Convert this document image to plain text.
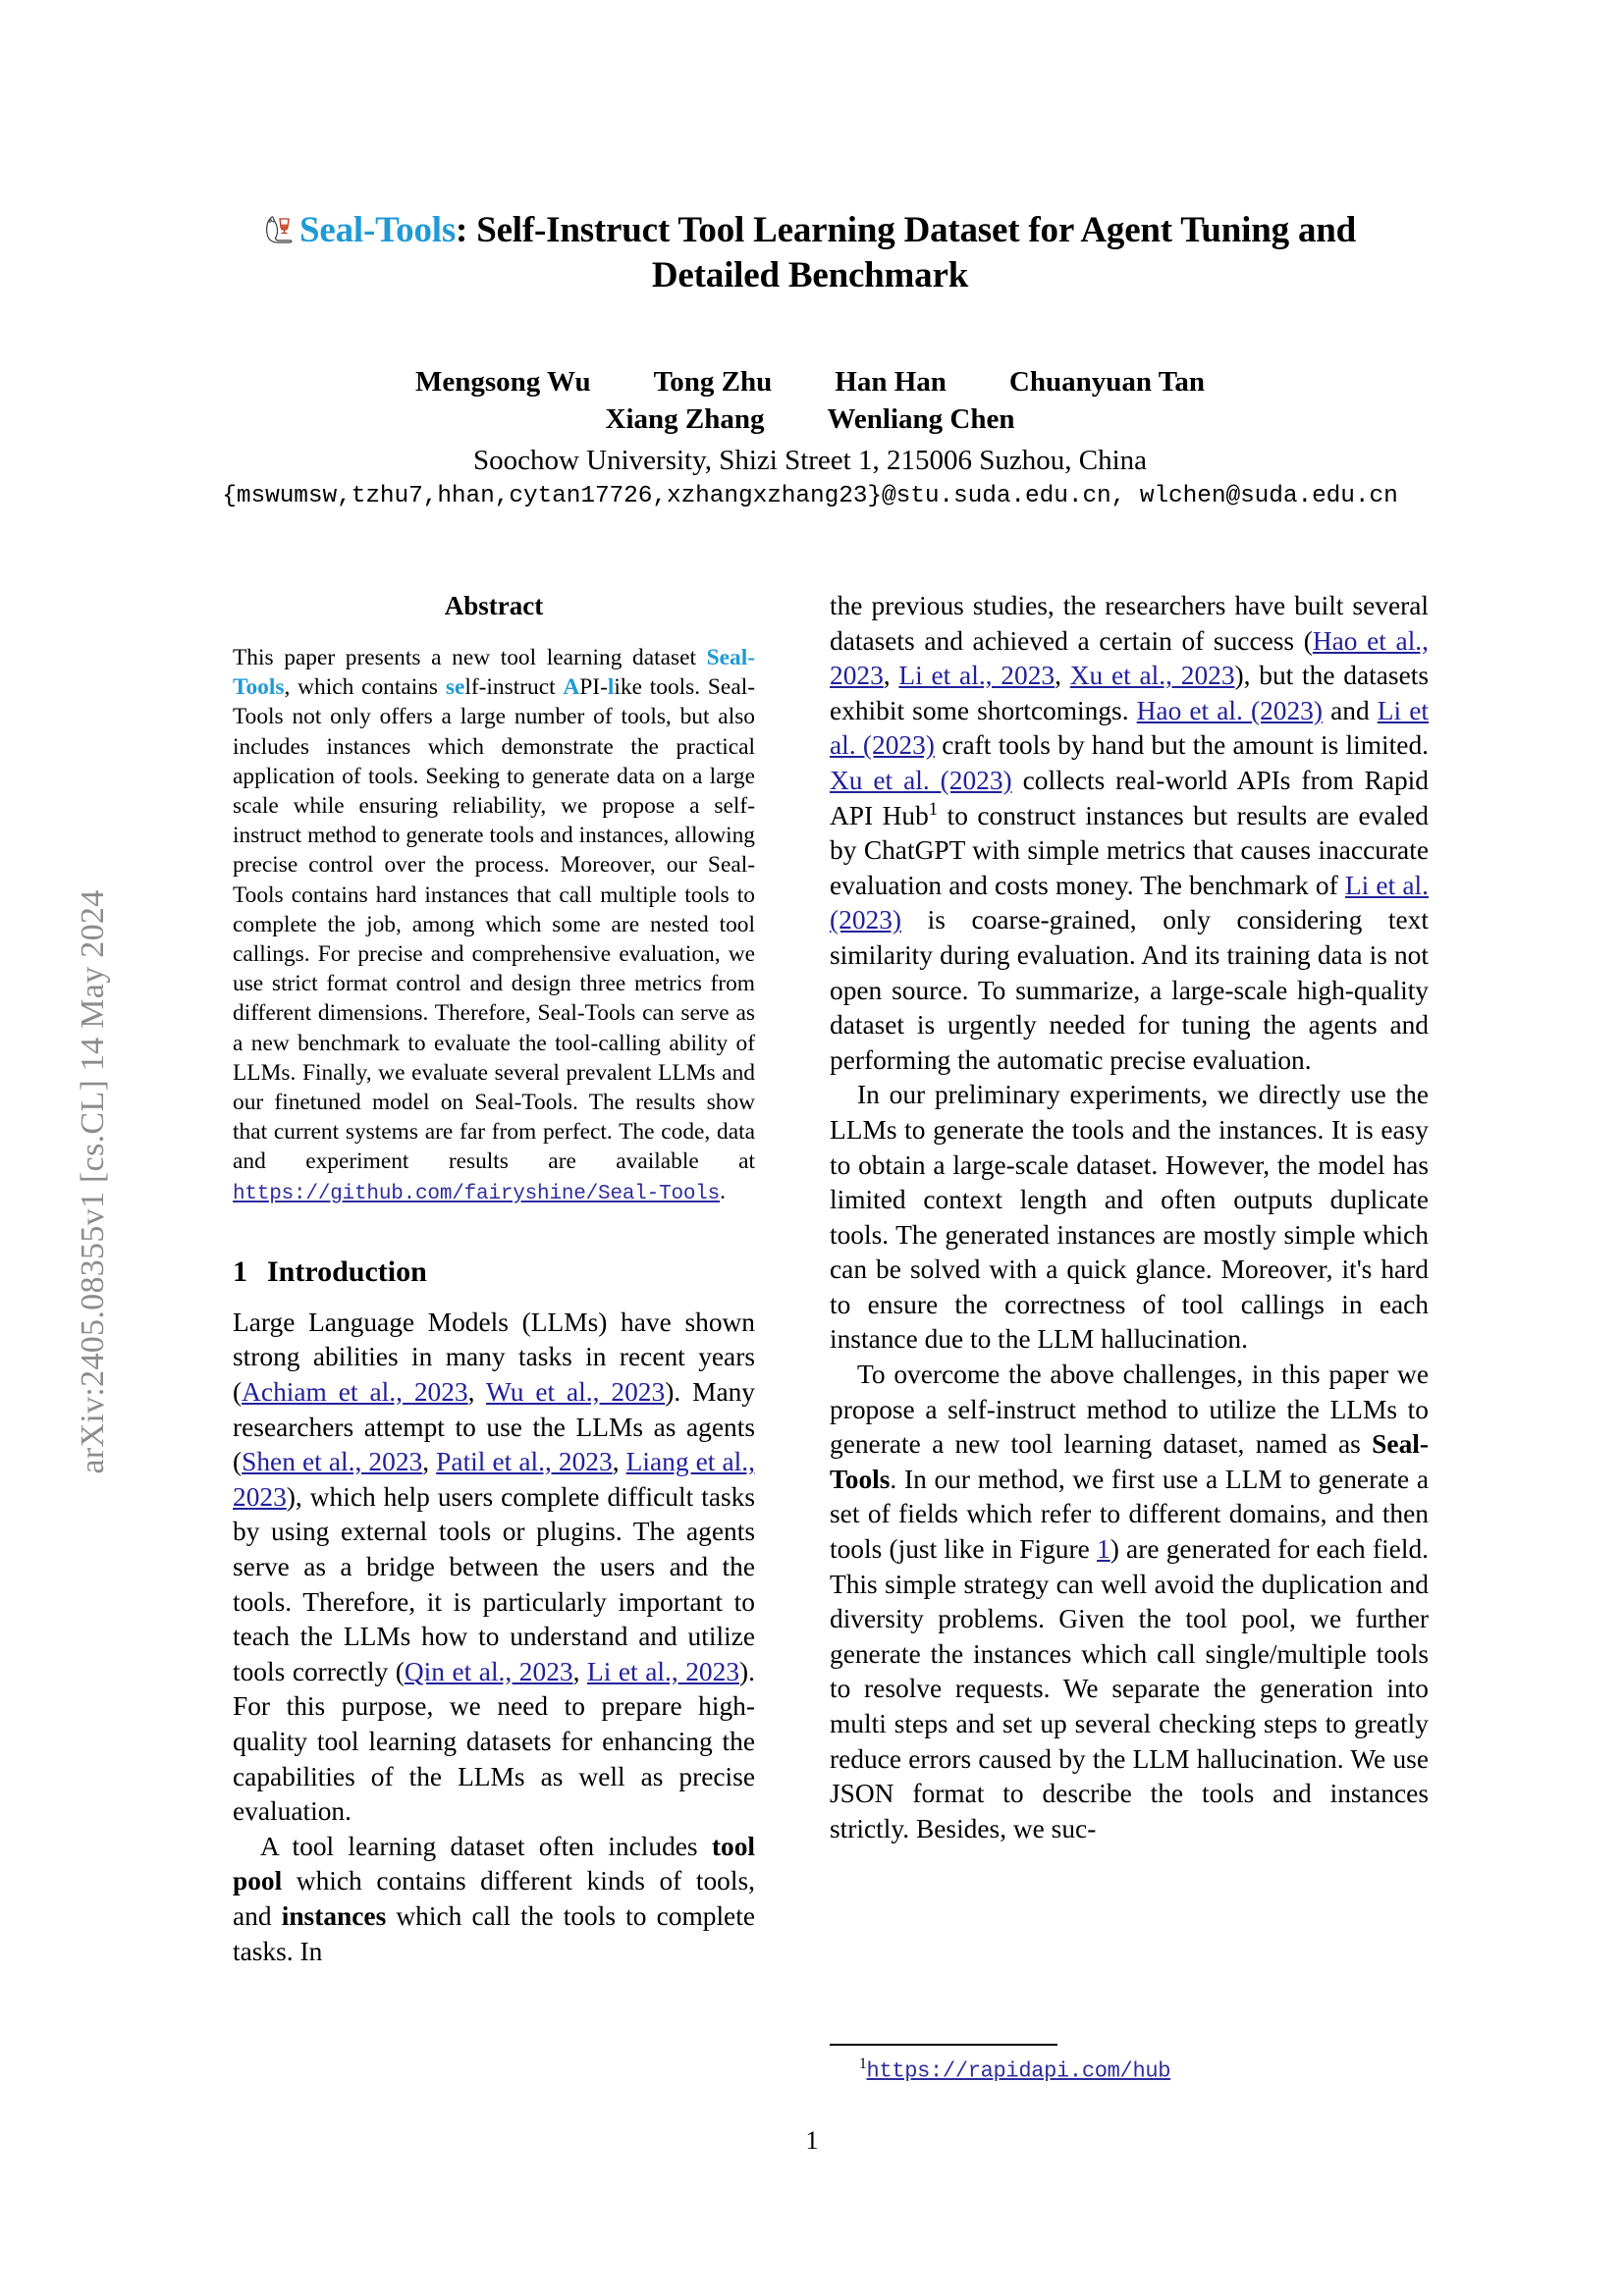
arXiv:2405.08355v1 [cs.CL] 14 May 2024
Seal-Tools: Self-Instruct Tool Learning Dataset for Agent Tuning and
Detailed Benchmark
Mengsong Wu Tong Zhu Han Han Chuanyuan Tan
Xiang Zhang Wenliang Chen
Soochow University, Shizi Street 1, 215006 Suzhou, China
{mswumsw,tzhu7,hhan,cytan17726,xzhangxzhang23}@stu.suda.edu.cn, wlchen@suda.edu.cn
Abstract

This paper presents a new tool learning dataset Seal-Tools, which contains self-instruct API-like tools. Seal-Tools not only offers a large number of tools, but also includes instances which demonstrate the practical application of tools. Seeking to generate data on a large scale while ensuring reliability, we propose a self-instruct method to generate tools and instances, allowing precise control over the process. Moreover, our Seal-Tools contains hard instances that call multiple tools to complete the job, among which some are nested tool callings. For precise and comprehensive evaluation, we use strict format control and design three metrics from different dimensions. Therefore, Seal-Tools can serve as a new benchmark to evaluate the tool-calling ability of LLMs. Finally, we evaluate several prevalent LLMs and our finetuned model on Seal-Tools. The results show that current systems are far from perfect. The code, data and experiment results are available at https://github.com/fairyshine/Seal-Tools.

1 Introduction

Large Language Models (LLMs) have shown strong abilities in many tasks in recent years (Achiam et al., 2023, Wu et al., 2023). Many researchers attempt to use the LLMs as agents (Shen et al., 2023, Patil et al., 2023, Liang et al., 2023), which help users complete difficult tasks by using external tools or plugins. The agents serve as a bridge between the users and the tools. Therefore, it is particularly important to teach the LLMs how to understand and utilize tools correctly (Qin et al., 2023, Li et al., 2023). For this purpose, we need to prepare high-quality tool learning datasets for enhancing the capabilities of the LLMs as well as precise evaluation.

A tool learning dataset often includes tool pool which contains different kinds of tools, and instances which call the tools to complete tasks. In

the previous studies, the researchers have built several datasets and achieved a certain of success (Hao et al., 2023, Li et al., 2023, Xu et al., 2023), but the datasets exhibit some shortcomings. Hao et al. (2023) and Li et al. (2023) craft tools by hand but the amount is limited. Xu et al. (2023) collects real-world APIs from Rapid API Hub$^1$ to construct instances but results are evaled by ChatGPT with simple metrics that causes inaccurate evaluation and costs money. The benchmark of Li et al. (2023) is coarse-grained, only considering text similarity during evaluation. And its training data is not open source. To summarize, a large-scale high-quality dataset is urgently needed for tuning the agents and performing the automatic precise evaluation.

In our preliminary experiments, we directly use the LLMs to generate the tools and the instances. It is easy to obtain a large-scale dataset. However, the model has limited context length and often outputs duplicate tools. The generated instances are mostly simple which can be solved with a quick glance. Moreover, it's hard to ensure the correctness of tool callings in each instance due to the LLM hallucination.

To overcome the above challenges, in this paper we propose a self-instruct method to utilize the LLMs to generate a new tool learning dataset, named as Seal-Tools. In our method, we first use a LLM to generate a set of fields which refer to different domains, and then tools (just like in Figure 1) are generated for each field. This simple strategy can well avoid the duplication and diversity problems. Given the tool pool, we further generate the instances which call single/multiple tools to resolve requests. We separate the generation into multi steps and set up several checking steps to greatly reduce errors caused by the LLM hallucination. We use JSON format to describe the tools and instances strictly. Besides, we suc-

$^1$https://rapidapi.com/hub
1
